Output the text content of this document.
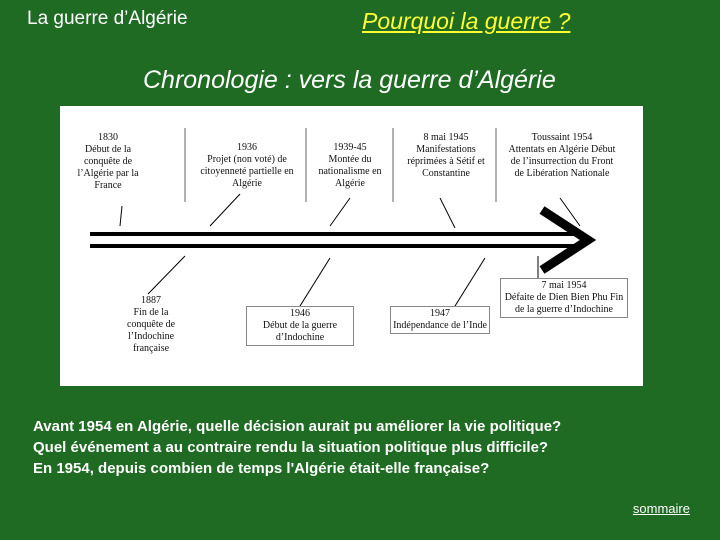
La guerre d’Algérie	Pourquoi la guerre ?
Chronologie : vers la guerre d’Algérie
1830
Début de la conquête de l’Algérie par la France
1936
Projet (non voté) de citoyenneté partielle en Algérie
1939-45
Montée du nationalisme en Algérie
8 mai 1945
Manifestations réprimées à Sétif et Constantine
Toussaint 1954
Attentats en Algérie Début de l’insurrection du Front de Libération Nationale
1887
Fin de la conquête de l’Indochine française
1946
Début de la guerre d’Indochine
1947
Indépendance de l’Inde
7 mai 1954
Défaite de Dien Bien Phu Fin de la guerre d’Indochine
Avant 1954 en Algérie, quelle décision aurait pu améliorer la vie politique?
Quel événement a au contraire rendu la situation politique plus difficile?
En 1954, depuis combien de temps l'Algérie était-elle française?
sommaire
